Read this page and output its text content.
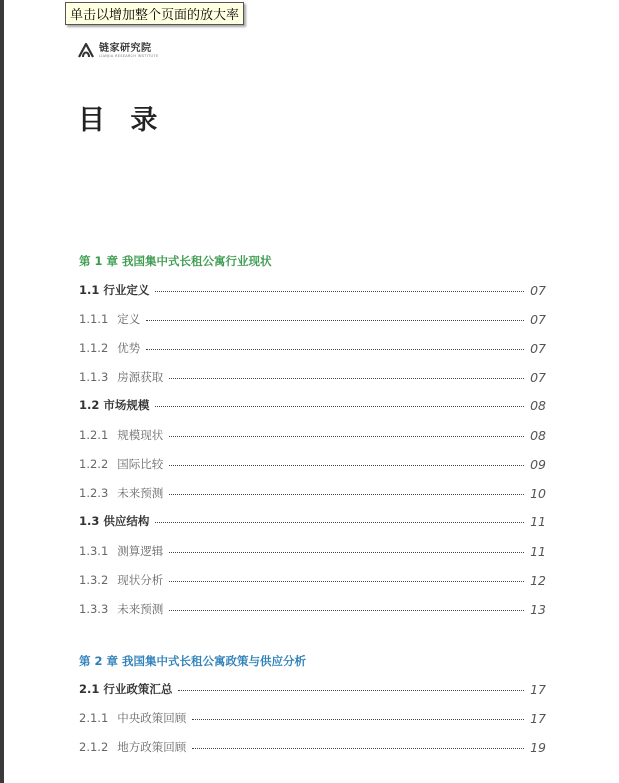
单击以增加整个页面的放大率
链家研究院
LIANJIA RESEARCH INSTITUTE
目 录
第 1 章 我国集中式长租公寓行业现状
1.1 行业定义	07
1.1.1 定义	07
1.1.2 优势	07
1.1.3 房源获取	07
1.2 市场规模	08
1.2.1 规模现状	08
1.2.2 国际比较	09
1.2.3 未来预测	10
1.3 供应结构	11
1.3.1 测算逻辑	11
1.3.2 现状分析	12
1.3.3 未来预测	13
第 2 章 我国集中式长租公寓政策与供应分析
2.1 行业政策汇总	17
2.1.1 中央政策回顾	17
2.1.2 地方政策回顾	19
